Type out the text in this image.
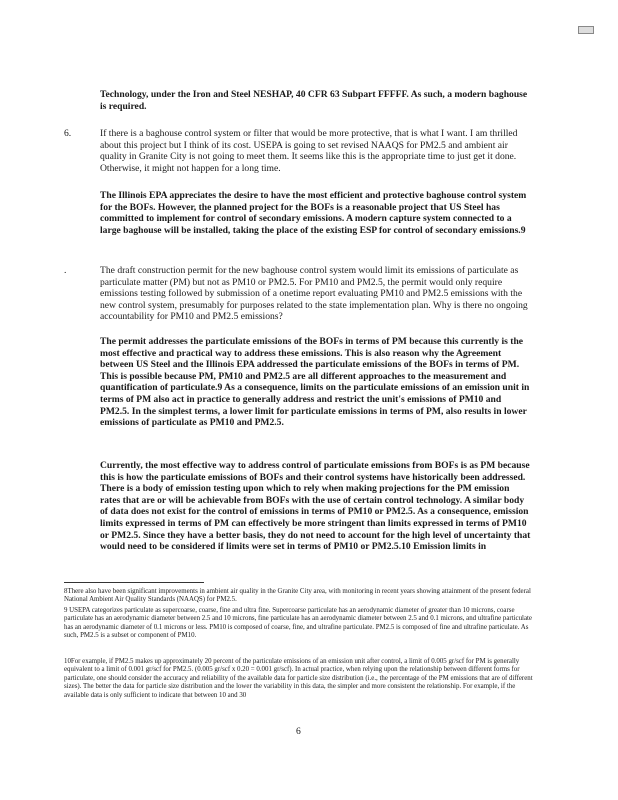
Technology, under the Iron and Steel NESHAP, 40 CFR 63 Subpart FFFFF. As such, a modern baghouse is required.
6.	If there is a baghouse control system or filter that would be more protective, that is what I want. I am thrilled about this project but I think of its cost. USEPA is going to set revised NAAQS for PM2.5 and ambient air quality in Granite City is not going to meet them. It seems like this is the appropriate time to just get it done. Otherwise, it might not happen for a long time.
The Illinois EPA appreciates the desire to have the most efficient and protective baghouse control system for the BOFs. However, the planned project for the BOFs is a reasonable project that US Steel has committed to implement for control of secondary emissions. A modern capture system connected to a large baghouse will be installed, taking the place of the existing ESP for control of secondary emissions.9
.	The draft construction permit for the new baghouse control system would limit its emissions of particulate as particulate matter (PM) but not as PM10 or PM2.5. For PM10 and PM2.5, the permit would only require emissions testing followed by submission of a onetime report evaluating PM10 and PM2.5 emissions with the new control system, presumably for purposes related to the state implementation plan. Why is there no ongoing accountability for PM10 and PM2.5 emissions?
The permit addresses the particulate emissions of the BOFs in terms of PM because this currently is the most effective and practical way to address these emissions. This is also reason why the Agreement between US Steel and the Illinois EPA addressed the particulate emissions of the BOFs in terms of PM. This is possible because PM, PM10 and PM2.5 are all different approaches to the measurement and quantification of particulate.9 As a consequence, limits on the particulate emissions of an emission unit in terms of PM also act in practice to generally address and restrict the unit's emissions of PM10 and PM2.5. In the simplest terms, a lower limit for particulate emissions in terms of PM, also results in lower emissions of particulate as PM10 and PM2.5.
Currently, the most effective way to address control of particulate emissions from BOFs is as PM because this is how the particulate emissions of BOFs and their control systems have historically been addressed. There is a body of emission testing upon which to rely when making projections for the PM emission rates that are or will be achievable from BOFs with the use of certain control technology. A similar body of data does not exist for the control of emissions in terms of PM10 or PM2.5. As a consequence, emission limits expressed in terms of PM can effectively be more stringent than limits expressed in terms of PM10 or PM2.5. Since they have a better basis, they do not need to account for the high level of uncertainty that would need to be considered if limits were set in terms of PM10 or PM2.5.10 Emission limits in
8There also have been significant improvements in ambient air quality in the Granite City area, with monitoring in recent years showing attainment of the present federal National Ambient Air Quality Standards (NAAQS) for PM2.5.
9 USEPA categorizes particulate as supercoarse, coarse, fine and ultra fine. Supercoarse particulate has an aerodynamic diameter of greater than 10 microns, coarse particulate has an aerodynamic diameter between 2.5 and 10 microns, fine particulate has an aerodynamic diameter between 2.5 and 0.1 microns, and ultrafine particulate has an aerodynamic diameter of 0.1 microns or less. PM10 is composed of coarse, fine, and ultrafine particulate. PM2.5 is composed of fine and ultrafine particulate. As such, PM2.5 is a subset or component of PM10.
10For example, if PM2.5 makes up approximately 20 percent of the particulate emissions of an emission unit after control, a limit of 0.005 gr/scf for PM is generally equivalent to a limit of 0.001 gr/scf for PM2.5. (0.005 gr/scf x 0.20 = 0.001 gr/scf). In actual practice, when relying upon the relationship between different forms for particulate, one should consider the accuracy and reliability of the available data for particle size distribution (i.e., the percentage of the PM emissions that are of different sizes). The better the data for particle size distribution and the lower the variability in this data, the simpler and more consistent the relationship. For example, if the available data is only sufficient to indicate that between 10 and 30
6
